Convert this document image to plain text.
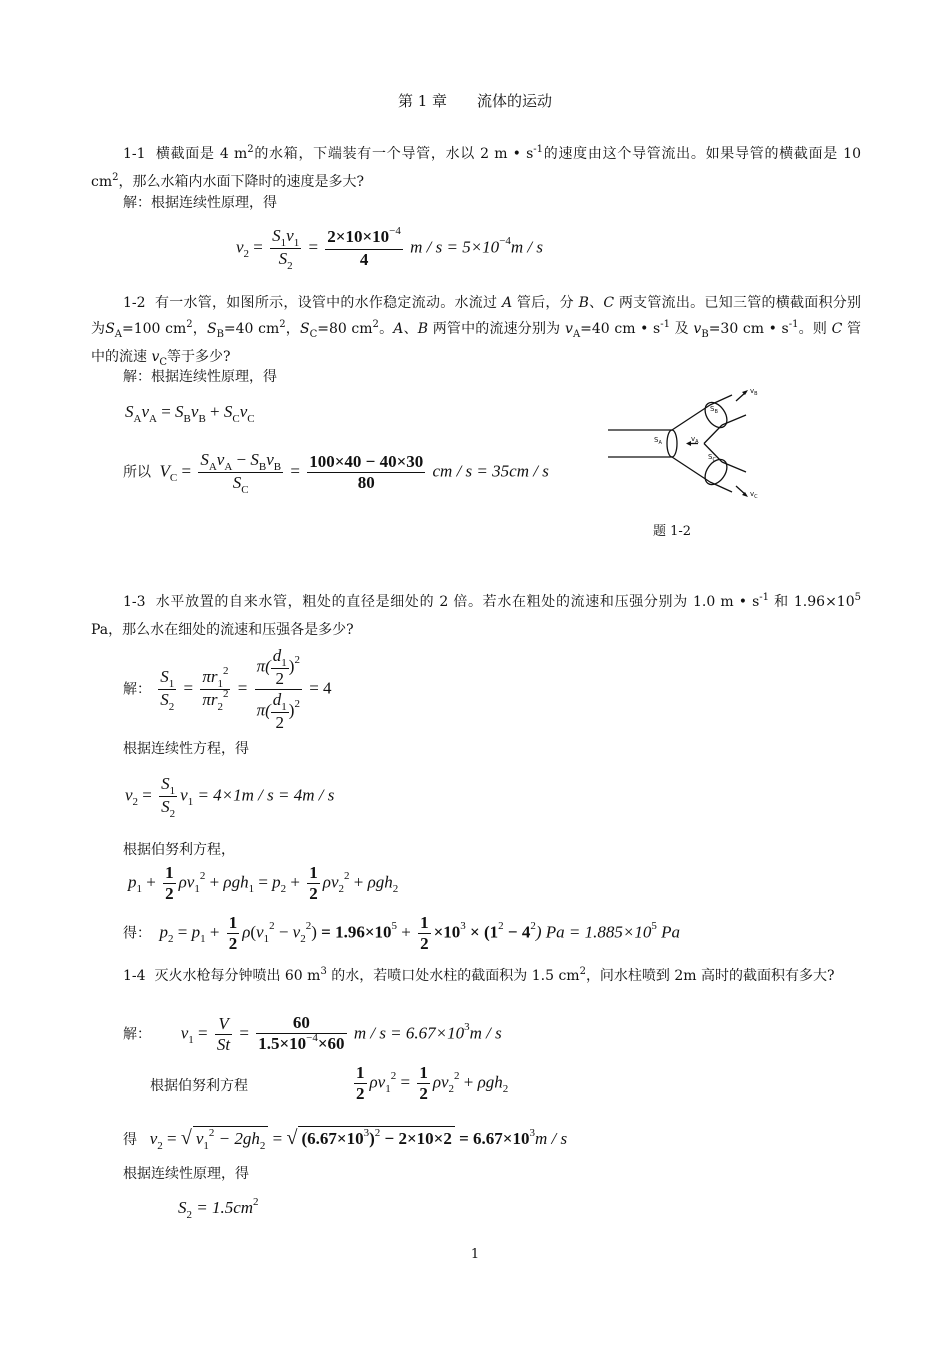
第 1 章 流体的运动
1-1 横截面是 4 $m^2$的水箱，下端装有一个导管，水以 2 m • $s^{-1}$的速度由这个导管流出。如果导管的横截面是 10 $cm^2$，那么水箱内水面下降时的速度是多大?
解：根据连续性原理，得
$v_2 = \frac{S_1v_1}{S_2} = \frac{2\times 10\times 10^{-4}}{4}$ $m / s = 5\times 10^{-4}m / s$
1-2 有一水管，如图所示，设管中的水作稳定流动。水流过 A 管后，分 B、C 两支管流出。已知三管的横截面积分别为$S_A=100$ $cm^2$，$S_B=40$ $cm^2$，$S_C=80$ $cm^2$。A、B 两管中的流速分别为 $v_A=40$ cm • $s^{-1}$ 及 $v_B=30$ cm • $s^{-1}$。则 C 管中的流速 $v_C$等于多少?
解：根据连续性原理，得
$S_Av_A = S_Bv_B + S_Cv_C$
所以 $V_C = \frac{S_Av_A - S_Bv_B}{S_C} = \frac{100\times 40 - 40\times 30}{80}$ cm / s = 35cm / s
$v_B$
$S_B$
$S_A$	$v_A$
$S_C$
$v_C$
题 1-2
1-3 水平放置的自来水管，粗处的直径是细处的 2 倍。若水在粗处的流速和压强分别为 1.0 m • $s^{-1}$ 和 $1.96\times 10^5$ Pa，那么水在细处的流速和压强各是多少?
解： $\frac{S_1}{S_2} = \frac{\pi r_1^2}{\pi r_2^2} = \frac{\pi( \frac{d_1}{2} )^2}{\pi( \frac{d_1}{2} )^2} = 4$
根据连续性方程，得
$v_2 = \frac{S_1}{S_2} v_1 = 4\times 1m / s = 4m / s$
根据伯努利方程，
$p_1 + \frac{1}{2} \rho v_1^2 + \rho gh_1 = p_2 + \frac{1}{2} \rho v_2^2 + \rho gh_2$
得： $p_2 = p_1 + \frac{1}{2} \rho(v_1^2 - v_2^2) = 1.96\times 10^5 + \frac{1}{2} \times 10^3 \times (1^2 - 4^2) Pa = 1.885\times 10^5$ Pa
1-4 灭火水枪每分钟喷出 60 $m^3$ 的水，若喷口处水柱的截面积为 1.5 $cm^2$，问水柱喷到 2m 高时的截面积有多大?
解： $v_1 = \frac{V}{St} = \frac{60}{1.5\times 10^{-4}\times 60}$ $m / s = 6.67\times 10^3m / s$
根据伯努利方程	$\frac{1}{2} \rho v_1^2 = \frac{1}{2} \rho v_2^2 + \rho gh_2$
得 $v_2$ = √ $v_1^2 - 2gh_2$ = √ $(6.67\times 10^3)^2 - 2\times 10\times 2 = 6.67\times 10^3m / s$
根据连续性原理，得
$S_2 = 1.5cm^2$
1
